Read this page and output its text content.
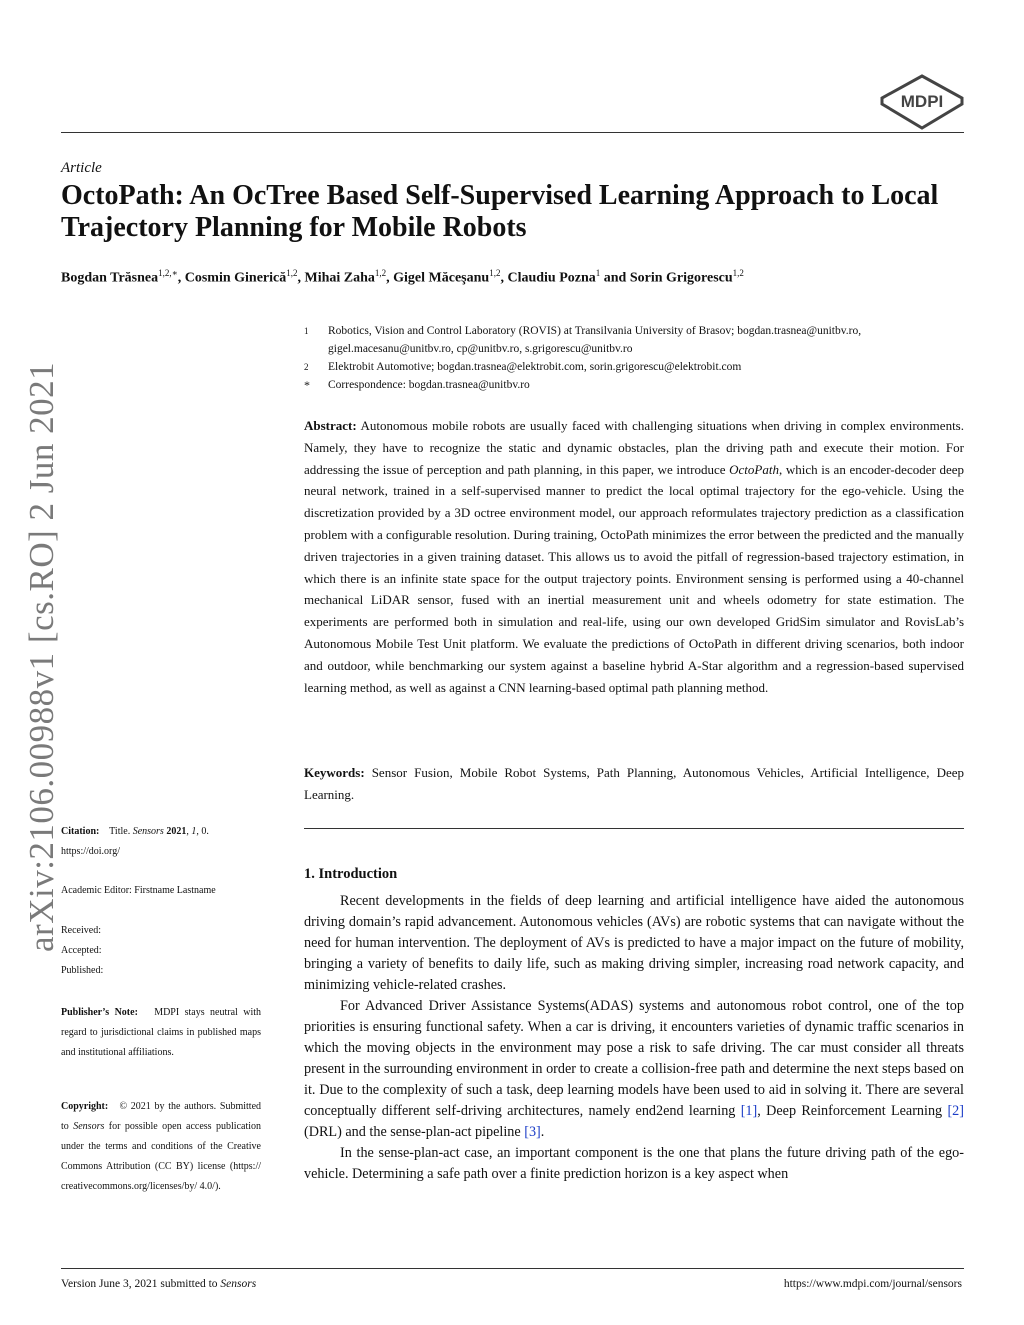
MDPI
Article
OctoPath: An OcTree Based Self-Supervised Learning Approach to Local Trajectory Planning for Mobile Robots
Bogdan Trăsnea$^{1,2,∗}$, Cosmin Ginerică$^{1,2}$, Mihai Zaha$^{1,2}$, Gigel Măceşanu$^{1,2}$, Claudiu Pozna$^1$ and Sorin Grigorescu$^{1,2}$
arXiv:2106.00988v1 [cs.RO] 2 Jun 2021
1 Robotics, Vision and Control Laboratory (ROVIS) at Transilvania University of Brasov; bogdan.trasnea@unitbv.ro, gigel.macesanu@unitbv.ro, cp@unitbv.ro, s.grigorescu@unitbv.ro
2 Elektrobit Automotive; bogdan.trasnea@elektrobit.com, sorin.grigorescu@elektrobit.com
* Correspondence: bogdan.trasnea@unitbv.ro
Abstract: Autonomous mobile robots are usually faced with challenging situations when driving in complex environments. Namely, they have to recognize the static and dynamic obstacles, plan the driving path and execute their motion. For addressing the issue of perception and path planning, in this paper, we introduce OctoPath, which is an encoder-decoder deep neural network, trained in a self-supervised manner to predict the local optimal trajectory for the ego-vehicle. Using the discretization provided by a 3D octree environment model, our approach reformulates trajectory prediction as a classification problem with a configurable resolution. During training, OctoPath minimizes the error between the predicted and the manually driven trajectories in a given training dataset. This allows us to avoid the pitfall of regression-based trajectory estimation, in which there is an infinite state space for the output trajectory points. Environment sensing is performed using a 40-channel mechanical LiDAR sensor, fused with an inertial measurement unit and wheels odometry for state estimation. The experiments are performed both in simulation and real-life, using our own developed GridSim simulator and RovisLab’s Autonomous Mobile Test Unit platform. We evaluate the predictions of OctoPath in different driving scenarios, both indoor and outdoor, while benchmarking our system against a baseline hybrid A-Star algorithm and a regression-based supervised learning method, as well as against a CNN learning-based optimal path planning method.
Keywords: Sensor Fusion, Mobile Robot Systems, Path Planning, Autonomous Vehicles, Artificial Intelligence, Deep Learning.
Citation: Title. Sensors 2021, 1, 0.
https://doi.org/
Academic Editor: Firstname Lastname
Received:
Accepted:
Published:
Publisher’s Note: MDPI stays neutral with regard to jurisdictional claims in published maps and institutional affiliations.
Copyright: © 2021 by the authors. Submitted to Sensors for possible open access publication under the terms and conditions of the Creative Commons Attribution (CC BY) license (https:// creativecommons.org/licenses/by/ 4.0/).
1. Introduction

Recent developments in the fields of deep learning and artificial intelligence have aided the autonomous driving domain’s rapid advancement. Autonomous vehicles (AVs) are robotic systems that can navigate without the need for human intervention. The deployment of AVs is predicted to have a major impact on the future of mobility, bringing a variety of benefits to daily life, such as making driving simpler, increasing road network capacity, and minimizing vehicle-related crashes.

For Advanced Driver Assistance Systems(ADAS) systems and autonomous robot control, one of the top priorities is ensuring functional safety. When a car is driving, it encounters varieties of dynamic traffic scenarios in which the moving objects in the environment may pose a risk to safe driving. The car must consider all threats present in the surrounding environment in order to create a collision-free path and determine the next steps based on it. Due to the complexity of such a task, deep learning models have been used to aid in solving it. There are several conceptually different self-driving architectures, namely end2end learning [1], Deep Reinforcement Learning [2] (DRL) and the sense-plan-act pipeline [3].

In the sense-plan-act case, an important component is the one that plans the future driving path of the ego-vehicle. Determining a safe path over a finite prediction horizon is a key aspect when

Version June 3, 2021 submitted to Sensors	https://www.mdpi.com/journal/sensors
